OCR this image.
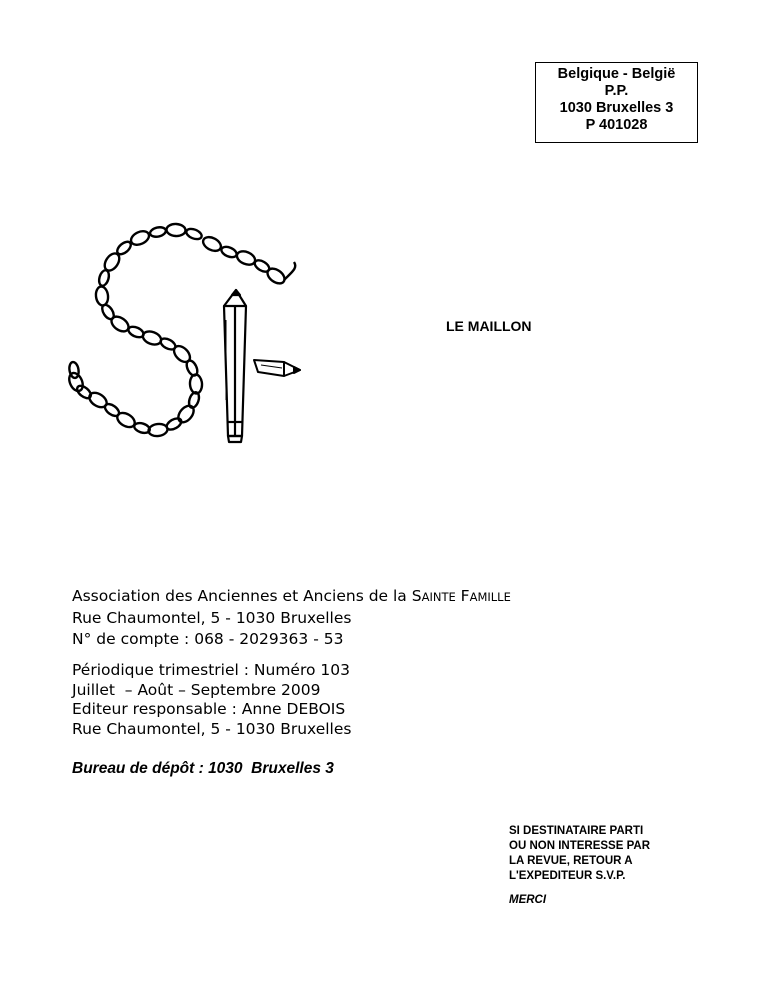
Belgique - België
P.P.
1030 Bruxelles 3
P 401028
LE MAILLON
Association des Anciennes et Anciens de la SAINTE FAMILLE
Rue Chaumontel, 5 - 1030 Bruxelles
N° de compte : 068 - 2029363 - 53
Périodique trimestriel : Numéro 103
Juillet  – Août – Septembre 2009
Editeur responsable : Anne DEBOIS
Rue Chaumontel, 5 - 1030 Bruxelles
Bureau de dépôt : 1030  Bruxelles 3
SI DESTINATAIRE PARTI
OU NON INTERESSE PAR
LA REVUE, RETOUR A
L'EXPEDITEUR S.V.P.
MERCI
